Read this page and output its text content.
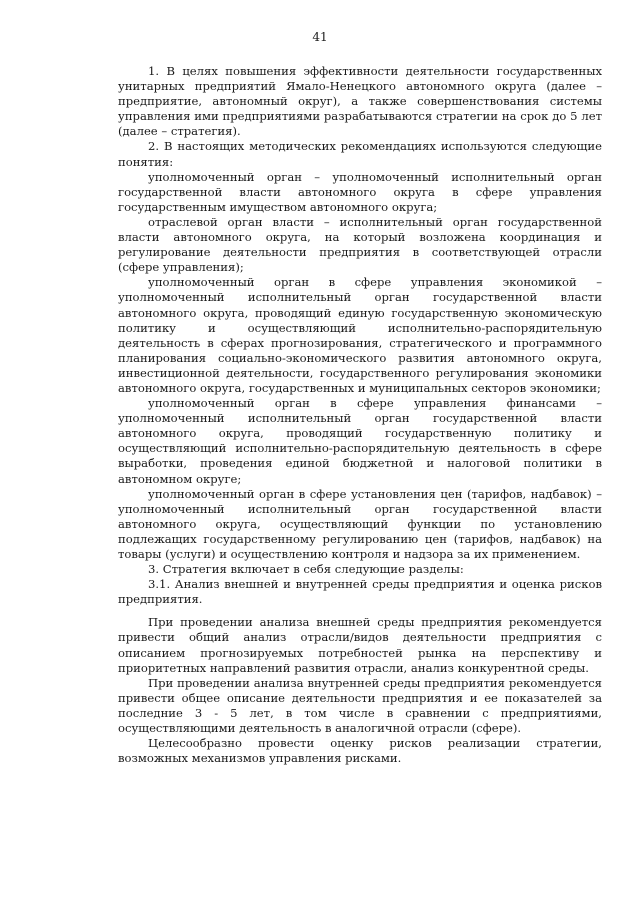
41

1. В целях повышения эффективности деятельности государственных унитарных предприятий Ямало-Ненецкого автономного округа (далее – предприятие, автономный округ), а также совершенствования системы управления ими предприятиями разрабатываются стратегии на срок до 5 лет (далее – стратегия).

2. В настоящих методических рекомендациях используются следующие понятия:

уполномоченный орган – уполномоченный исполнительный орган государственной власти автономного округа в сфере управления государственным имуществом автономного округа;

отраслевой орган власти – исполнительный орган государственной власти автономного округа, на который возложена координация и регулирование деятельности предприятия в соответствующей отрасли (сфере управления);

уполномоченный орган в сфере управления экономикой – уполномоченный исполнительный орган государственной власти автономного округа, проводящий единую государственную экономическую политику и осуществляющий исполнительно-распорядительную деятельность в сферах прогнозирования, стратегического и программного планирования социально-экономического развития автономного округа, инвестиционной деятельности, государственного регулирования экономики автономного округа, государственных и муниципальных секторов экономики;

уполномоченный орган в сфере управления финансами – уполномоченный исполнительный орган государственной власти автономного округа, проводящий государственную политику и осуществляющий исполнительно-распорядительную деятельность в сфере выработки, проведения единой бюджетной и налоговой политики в автономном округе;

уполномоченный орган в сфере установления цен (тарифов, надбавок) – уполномоченный исполнительный орган государственной власти автономного округа, осуществляющий функции по установлению подлежащих государственному регулированию цен (тарифов, надбавок) на товары (услуги) и осуществлению контроля и надзора за их применением.

3. Стратегия включает в себя следующие разделы:

3.1. Анализ внешней и внутренней среды предприятия и оценка рисков предприятия.

При проведении анализа внешней среды предприятия рекомендуется привести общий анализ отрасли/видов деятельности предприятия с описанием прогнозируемых потребностей рынка на перспективу и приоритетных направлений развития отрасли, анализ конкурентной среды.

При проведении анализа внутренней среды предприятия рекомендуется привести общее описание деятельности предприятия и ее показателей за последние 3 - 5 лет, в том числе в сравнении с предприятиями, осуществляющими деятельность в аналогичной отрасли (сфере).

Целесообразно провести оценку рисков реализации стратегии, возможных механизмов управления рисками.
